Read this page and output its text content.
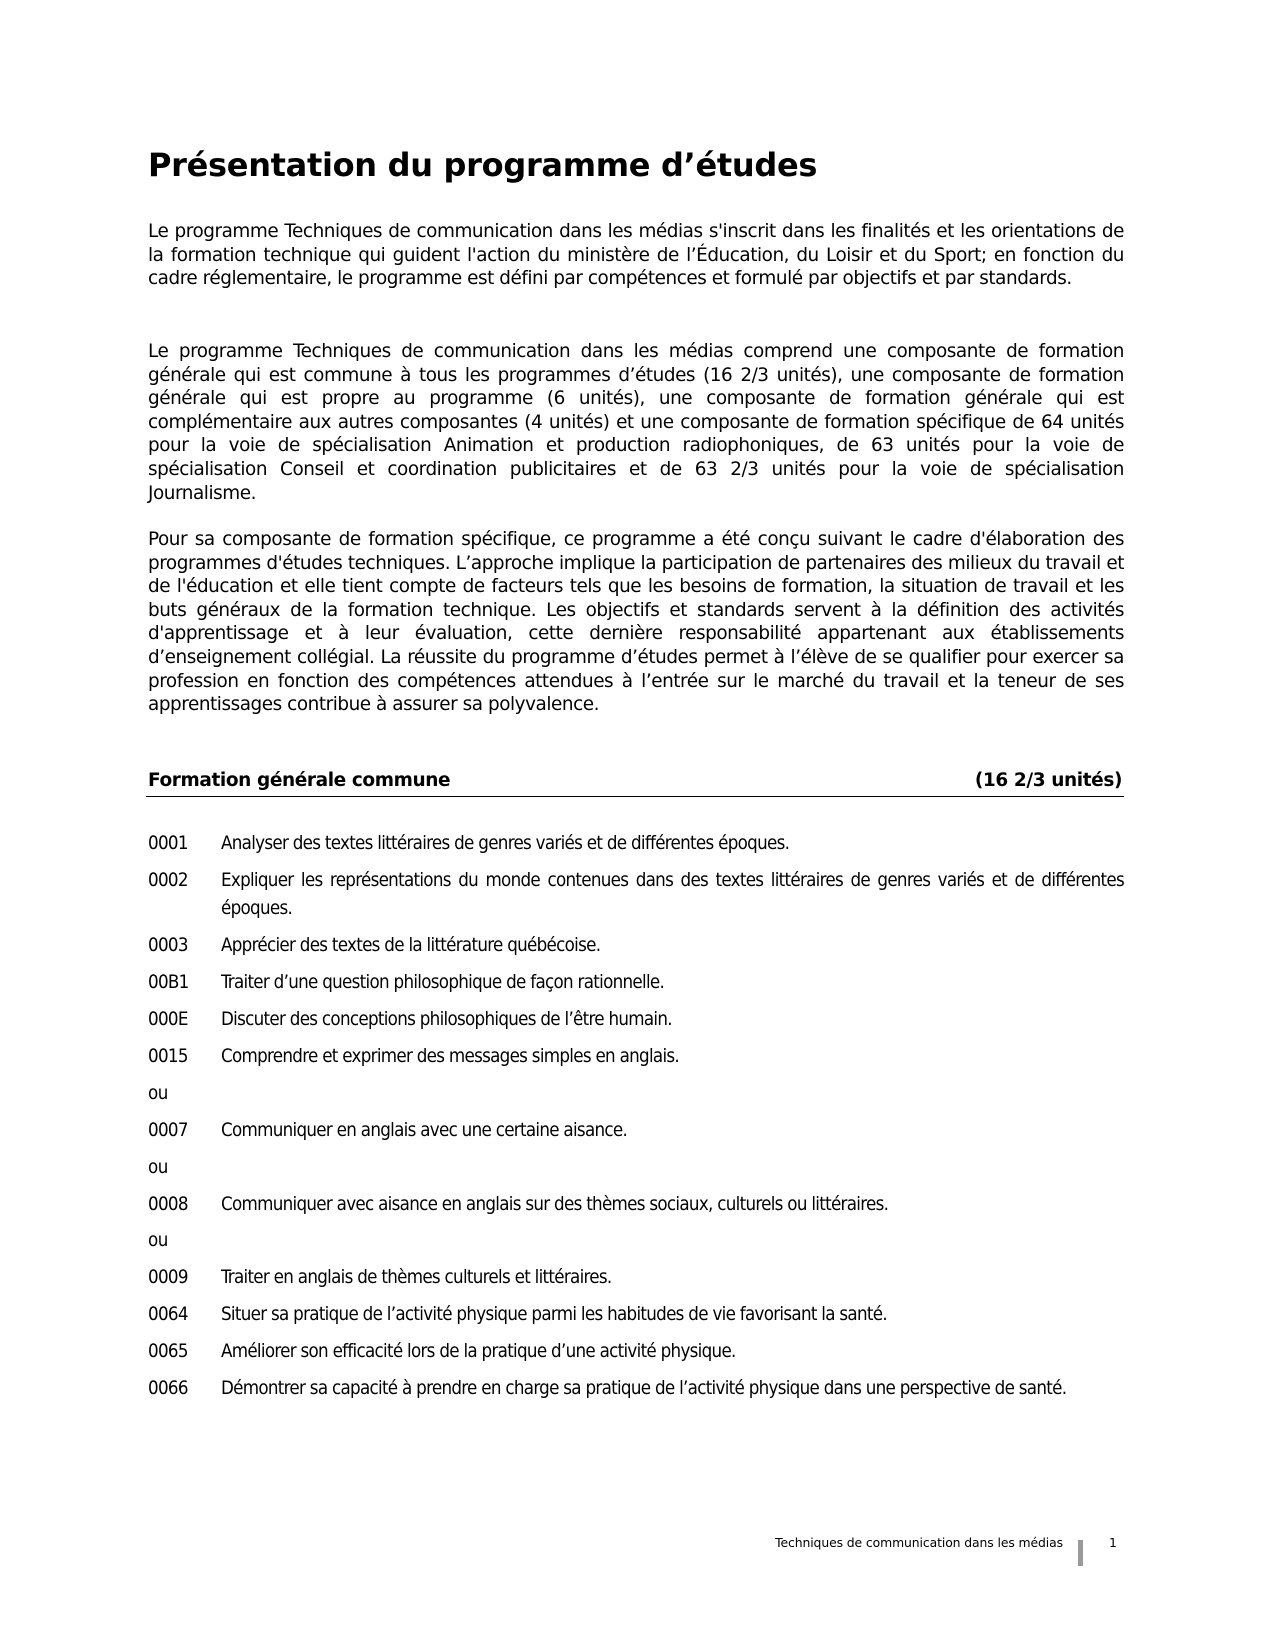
Présentation du programme d’études

Le programme Techniques de communication dans les médias s'inscrit dans les finalités et les orientations de la formation technique qui guident l'action du ministère de l’Éducation, du Loisir et du Sport; en fonction du cadre réglementaire, le programme est défini par compétences et formulé par objectifs et par standards.

Le programme Techniques de communication dans les médias comprend une composante de formation générale qui est commune à tous les programmes d’études (16 2/3 unités), une composante de formation générale qui est propre au programme (6 unités), une composante de formation générale qui est complémentaire aux autres composantes (4 unités) et une composante de formation spécifique de 64 unités pour la voie de spécialisation Animation et production radiophoniques, de 63 unités pour la voie de spécialisation Conseil et coordination publicitaires et de 63 2/3 unités pour la voie de spécialisation Journalisme.

Pour sa composante de formation spécifique, ce programme a été conçu suivant le cadre d'élaboration des programmes d'études techniques. L’approche implique la participation de partenaires des milieux du travail et de l'éducation et elle tient compte de facteurs tels que les besoins de formation, la situation de travail et les buts généraux de la formation technique. Les objectifs et standards servent à la définition des activités d'apprentissage et à leur évaluation, cette dernière responsabilité appartenant aux établissements d’enseignement collégial. La réussite du programme d’études permet à l’élève de se qualifier pour exercer sa profession en fonction des compétences attendues à l’entrée sur le marché du travail et la teneur de ses apprentissages contribue à assurer sa polyvalence.

Formation générale commune	(16 2/3 unités)
0001 Analyser des textes littéraires de genres variés et de différentes époques.
0002 Expliquer les représentations du monde contenues dans des textes littéraires de genres variés et de différentes époques.
0003 Apprécier des textes de la littérature québécoise.
00B1 Traiter d’une question philosophique de façon rationnelle.
000E Discuter des conceptions philosophiques de l’être humain.
0015 Comprendre et exprimer des messages simples en anglais.
ou
0007 Communiquer en anglais avec une certaine aisance.
ou
0008 Communiquer avec aisance en anglais sur des thèmes sociaux, culturels ou littéraires.
ou
0009 Traiter en anglais de thèmes culturels et littéraires.
0064 Situer sa pratique de l’activité physique parmi les habitudes de vie favorisant la santé.
0065 Améliorer son efficacité lors de la pratique d’une activité physique.
0066 Démontrer sa capacité à prendre en charge sa pratique de l’activité physique dans une perspective de santé.
Techniques de communication dans les médias	1
